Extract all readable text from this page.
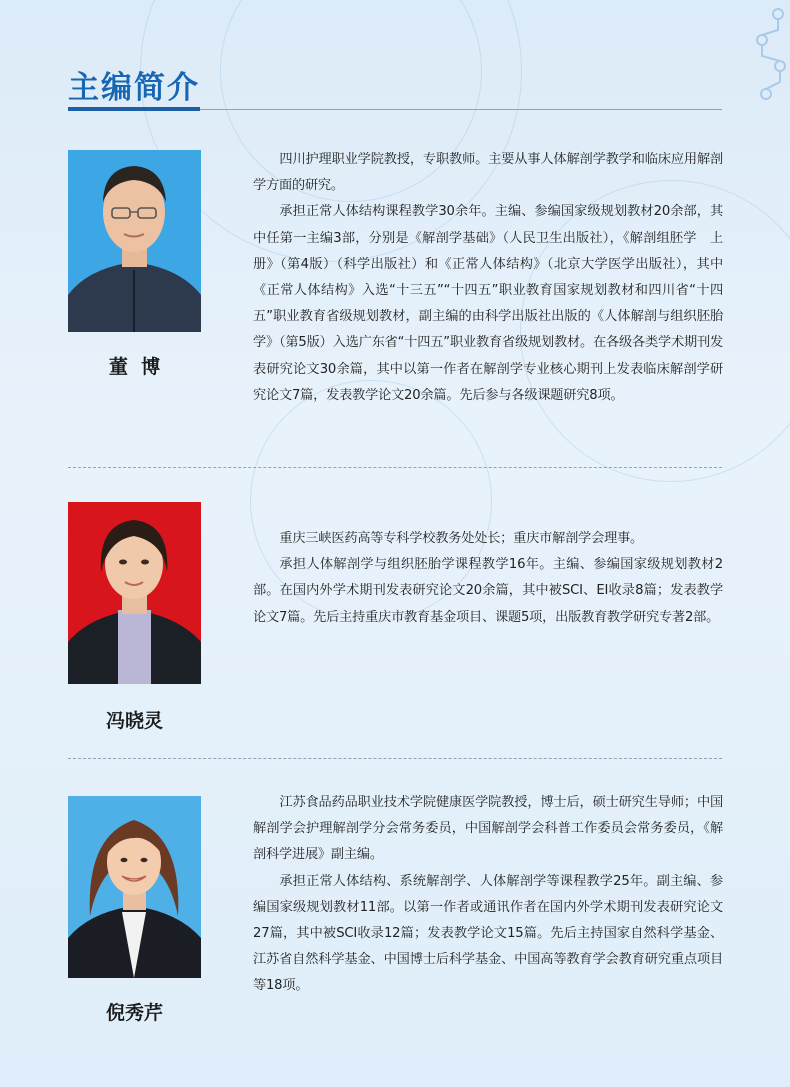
主编简介

董  博

四川护理职业学院教授，专职教师。主要从事人体解剖学教学和临床应用解剖学方面的研究。

承担正常人体结构课程教学30余年。主编、参编国家级规划教材20余部，其中任第一主编3部，分别是《解剖学基础》（人民卫生出版社），《解剖组胚学　上册》（第4版）（科学出版社）和《正常人体结构》（北京大学医学出版社），其中《正常人体结构》入选“十三五”“十四五”职业教育国家规划教材和四川省“十四五”职业教育省级规划教材，副主编的由科学出版社出版的《人体解剖与组织胚胎学》（第5版）入选广东省“十四五”职业教育省级规划教材。在各级各类学术期刊发表研究论文30余篇，其中以第一作者在解剖学专业核心期刊上发表临床解剖学研究论文7篇，发表教学论文20余篇。先后参与各级课题研究8项。

冯晓灵

重庆三峡医药高等专科学校教务处处长；重庆市解剖学会理事。

承担人体解剖学与组织胚胎学课程教学16年。主编、参编国家级规划教材2部。在国内外学术期刊发表研究论文20余篇，其中被SCI、EI收录8篇；发表教学论文7篇。先后主持重庆市教育基金项目、课题5项，出版教育教学研究专著2部。

倪秀芹

江苏食品药品职业技术学院健康医学院教授，博士后，硕士研究生导师；中国解剖学会护理解剖学分会常务委员，中国解剖学会科普工作委员会常务委员，《解剖科学进展》副主编。

承担正常人体结构、系统解剖学、人体解剖学等课程教学25年。副主编、参编国家级规划教材11部。以第一作者或通讯作者在国内外学术期刊发表研究论文27篇，其中被SCI收录12篇；发表教学论文15篇。先后主持国家自然科学基金、江苏省自然科学基金、中国博士后科学基金、中国高等教育学会教育研究重点项目等18项。
